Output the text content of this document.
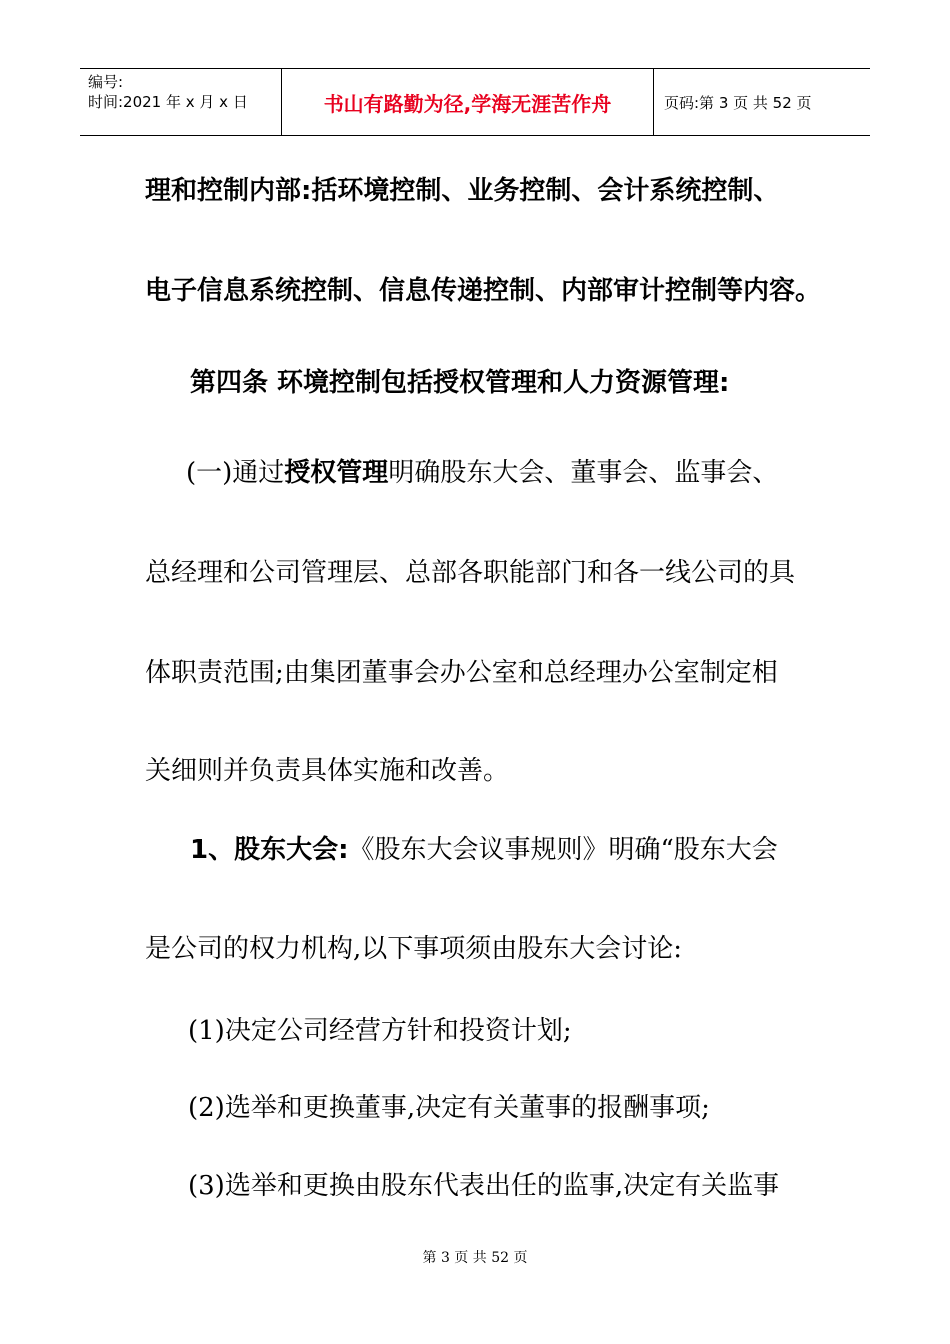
编号:
时间:2021 年 x 月 x 日	书山有路勤为径,学海无涯苦作舟	页码:第 3 页 共 52 页
理和控制内部:括环境控制、业务控制、会计系统控制、
电子信息系统控制、信息传递控制、内部审计控制等内容。
第四条 环境控制包括授权管理和人力资源管理:
(一)通过授权管理明确股东大会、董事会、监事会、
总经理和公司管理层、总部各职能部门和各一线公司的具
体职责范围;由集团董事会办公室和总经理办公室制定相
关细则并负责具体实施和改善。
1、股东大会:《股东大会议事规则》明确“股东大会
是公司的权力机构,以下事项须由股东大会讨论:
(1)决定公司经营方针和投资计划;
(2)选举和更换董事,决定有关董事的报酬事项;
(3)选举和更换由股东代表出任的监事,决定有关监事
第 3 页 共 52 页
